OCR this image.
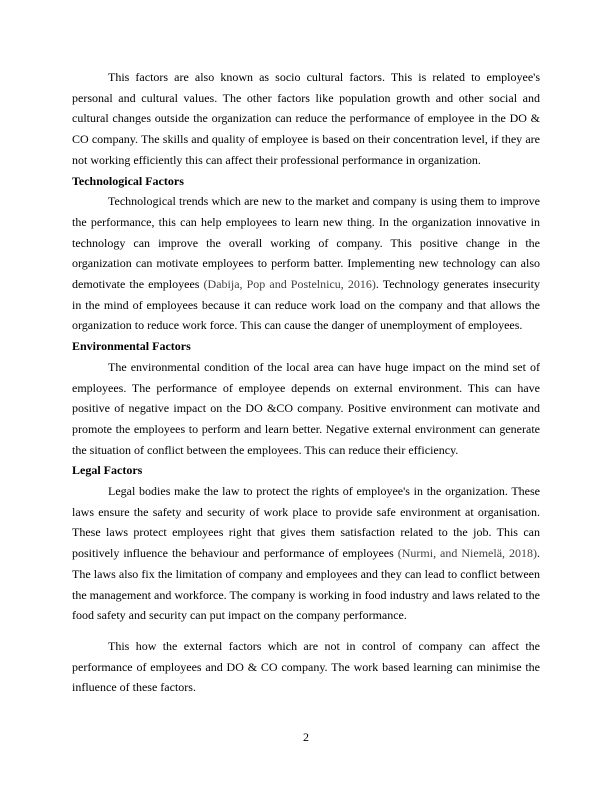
This factors are also known as socio cultural factors. This is related to employee's personal and cultural values. The other factors like population growth and other social and cultural changes outside the organization can reduce the performance of employee in the DO & CO company. The skills and quality of employee is based on their concentration level, if they are not working efficiently this can affect their professional performance in organization.

Technological Factors

Technological trends which are new to the market and company is using them to improve the performance, this can help employees to learn new thing. In the organization innovative in technology can improve the overall working of company. This positive change in the organization can motivate employees to perform batter. Implementing new technology can also demotivate the employees (Dabija, Pop and Postelnicu, 2016). Technology generates insecurity in the mind of employees because it can reduce work load on the company and that allows the organization to reduce work force. This can cause the danger of unemployment of employees.

Environmental Factors

The environmental condition of the local area can have huge impact on the mind set of employees. The performance of employee depends on external environment. This can have positive of negative impact on the DO &CO company. Positive environment can motivate and promote the employees to perform and learn better. Negative external environment can generate the situation of conflict between the employees. This can reduce their efficiency.

Legal Factors

Legal bodies make the law to protect the rights of employee's in the organization. These laws ensure the safety and security of work place to provide safe environment at organisation. These laws protect employees right that gives them satisfaction related to the job. This can positively influence the behaviour and performance of employees (Nurmi, and Niemelä, 2018). The laws also fix the limitation of company and employees and they can lead to conflict between the management and workforce. The company is working in food industry and laws related to the food safety and security can put impact on the company performance.

This how the external factors which are not in control of company can affect the performance of employees and DO & CO company. The work based learning can minimise the influence of these factors.

2
